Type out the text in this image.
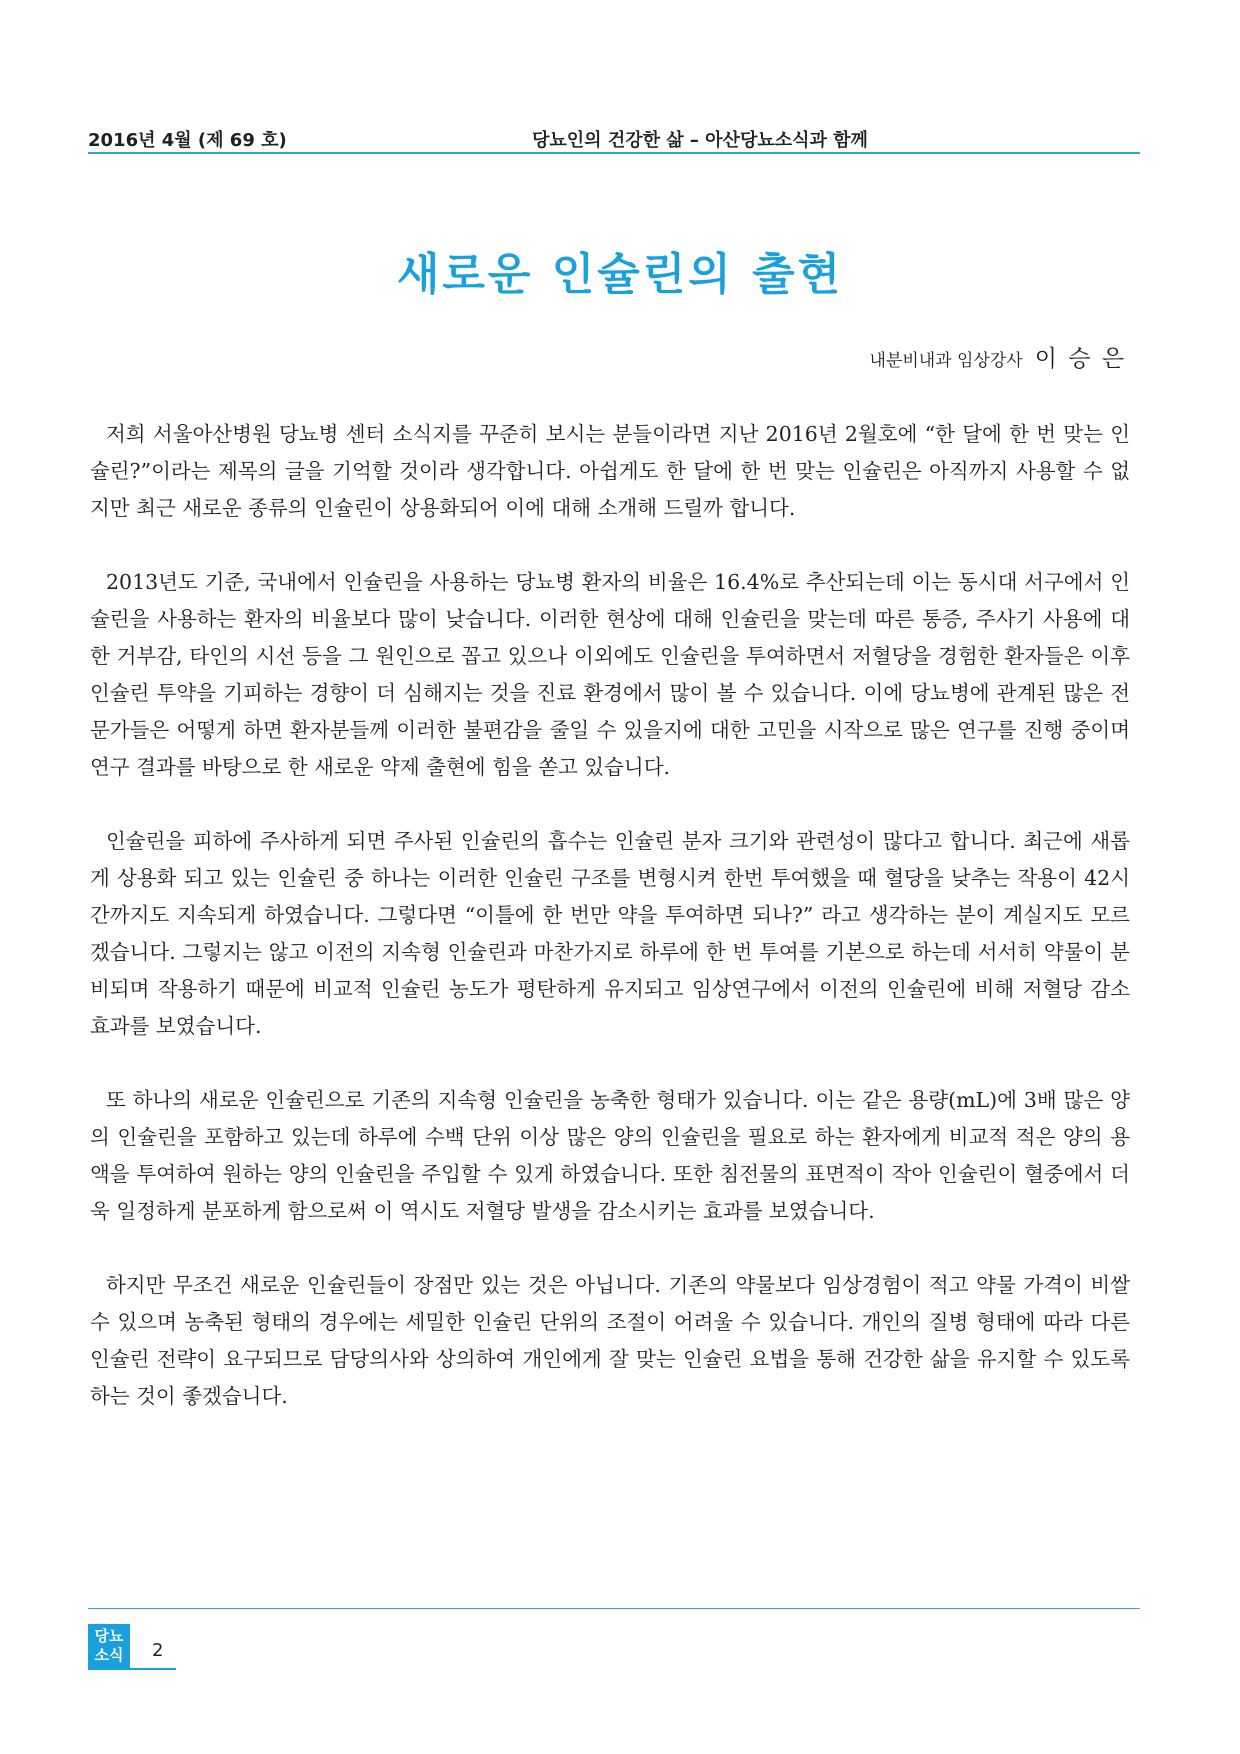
2016년 4월 (제 69 호)	당뇨인의 건강한 삶 – 아산당뇨소식과 함께
새로운 인슐린의 출현
내분비내과 임상강사 이 승 은

저희 서울아산병원 당뇨병 센터 소식지를 꾸준히 보시는 분들이라면 지난 2016년 2월호에 “한 달에 한 번 맞는 인슐린?”이라는 제목의 글을 기억할 것이라 생각합니다. 아쉽게도 한 달에 한 번 맞는 인슐린은 아직까지 사용할 수 없지만 최근 새로운 종류의 인슐린이 상용화되어 이에 대해 소개해 드릴까 합니다.

2013년도 기준, 국내에서 인슐린을 사용하는 당뇨병 환자의 비율은 16.4%로 추산되는데 이는 동시대 서구에서 인슐린을 사용하는 환자의 비율보다 많이 낮습니다. 이러한 현상에 대해 인슐린을 맞는데 따른 통증, 주사기 사용에 대한 거부감, 타인의 시선 등을 그 원인으로 꼽고 있으나 이외에도 인슐린을 투여하면서 저혈당을 경험한 환자들은 이후 인슐린 투약을 기피하는 경향이 더 심해지는 것을 진료 환경에서 많이 볼 수 있습니다. 이에 당뇨병에 관계된 많은 전문가들은 어떻게 하면 환자분들께 이러한 불편감을 줄일 수 있을지에 대한 고민을 시작으로 많은 연구를 진행 중이며 연구 결과를 바탕으로 한 새로운 약제 출현에 힘을 쏟고 있습니다.

인슐린을 피하에 주사하게 되면 주사된 인슐린의 흡수는 인슐린 분자 크기와 관련성이 많다고 합니다. 최근에 새롭게 상용화 되고 있는 인슐린 중 하나는 이러한 인슐린 구조를 변형시켜 한번 투여했을 때 혈당을 낮추는 작용이 42시간까지도 지속되게 하였습니다. 그렇다면 “이틀에 한 번만 약을 투여하면 되나?” 라고 생각하는 분이 계실지도 모르겠습니다. 그렇지는 않고 이전의 지속형 인슐린과 마찬가지로 하루에 한 번 투여를 기본으로 하는데 서서히 약물이 분비되며 작용하기 때문에 비교적 인슐린 농도가 평탄하게 유지되고 임상연구에서 이전의 인슐린에 비해 저혈당 감소 효과를 보였습니다.

또 하나의 새로운 인슐린으로 기존의 지속형 인슐린을 농축한 형태가 있습니다. 이는 같은 용량(mL)에 3배 많은 양의 인슐린을 포함하고 있는데 하루에 수백 단위 이상 많은 양의 인슐린을 필요로 하는 환자에게 비교적 적은 양의 용액을 투여하여 원하는 양의 인슐린을 주입할 수 있게 하였습니다. 또한 침전물의 표면적이 작아 인슐린이 혈중에서 더욱 일정하게 분포하게 함으로써 이 역시도 저혈당 발생을 감소시키는 효과를 보였습니다.

하지만 무조건 새로운 인슐린들이 장점만 있는 것은 아닙니다. 기존의 약물보다 임상경험이 적고 약물 가격이 비쌀 수 있으며 농축된 형태의 경우에는 세밀한 인슐린 단위의 조절이 어려울 수 있습니다. 개인의 질병 형태에 따라 다른 인슐린 전략이 요구되므로 담당의사와 상의하여 개인에게 잘 맞는 인슐린 요법을 통해 건강한 삶을 유지할 수 있도록 하는 것이 좋겠습니다.

당뇨
소식	2
